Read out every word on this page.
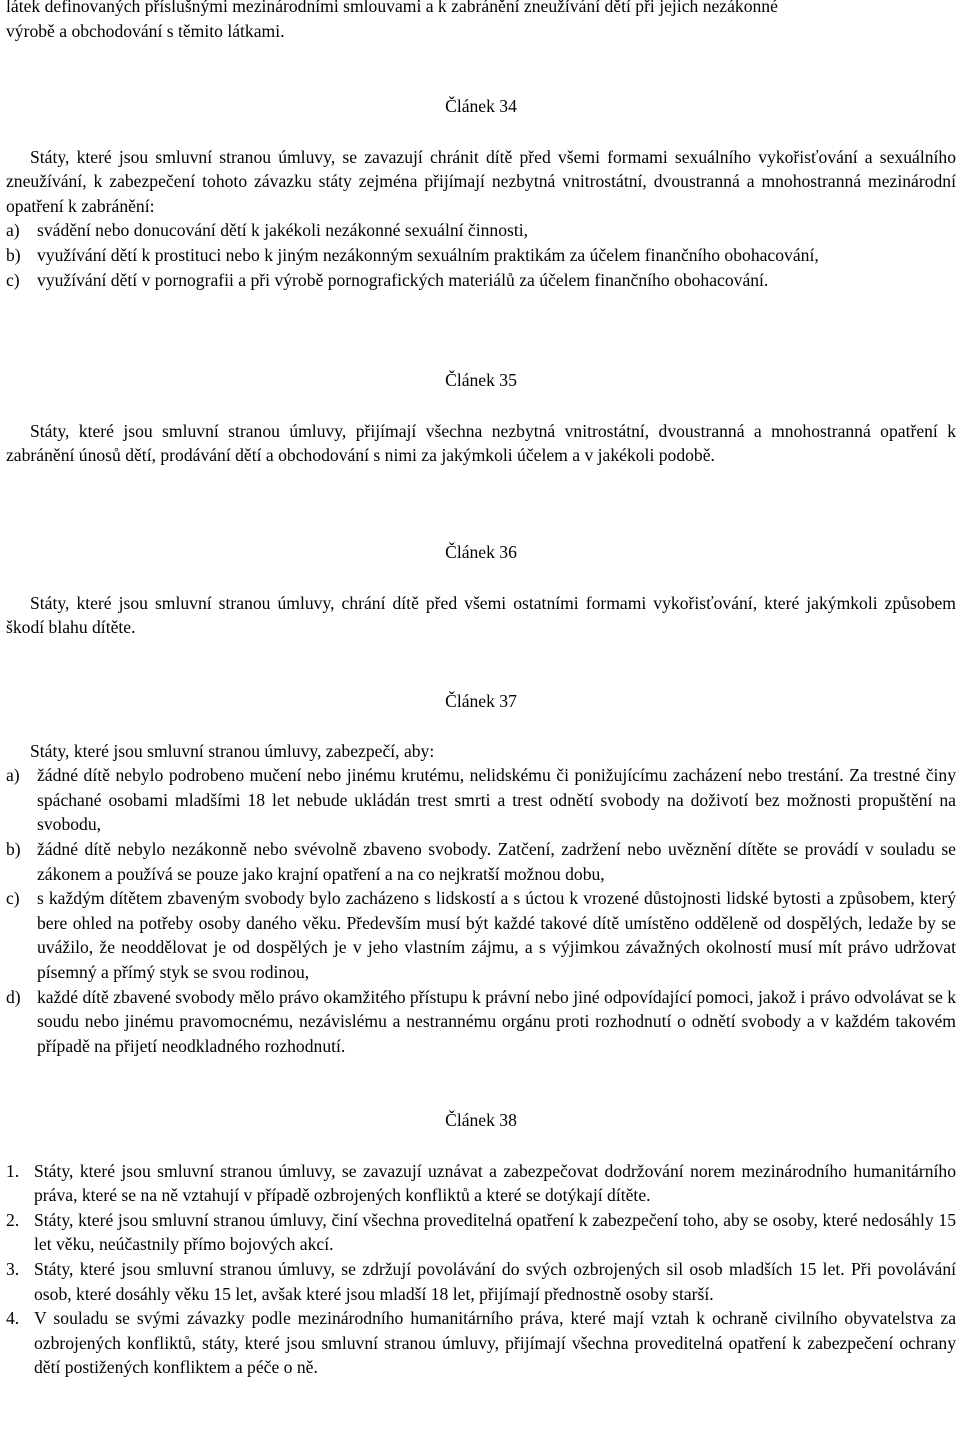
látek definovaných příslušnými mezinárodními smlouvami a k zabránění zneužívání dětí při jejich nezákonné

výrobě a obchodování s těmito látkami.

Článek 34

Státy, které jsou smluvní stranou úmluvy, se zavazují chránit dítě před všemi formami sexuálního vykořisťování a sexuálního zneužívání, k zabezpečení tohoto závazku státy zejména přijímají nezbytná vnitrostátní, dvoustranná a mnohostranná mezinárodní opatření k zabránění:

a) svádění nebo donucování dětí k jakékoli nezákonné sexuální činnosti,
b) využívání dětí k prostituci nebo k jiným nezákonným sexuálním praktikám za účelem finančního obohacování,
c) využívání dětí v pornografii a při výrobě pornografických materiálů za účelem finančního obohacování.

Článek 35

Státy, které jsou smluvní stranou úmluvy, přijímají všechna nezbytná vnitrostátní, dvoustranná a mnohostranná opatření k zabránění únosů dětí, prodávání dětí a obchodování s nimi za jakýmkoli účelem a v jakékoli podobě.

Článek 36

Státy, které jsou smluvní stranou úmluvy, chrání dítě před všemi ostatními formami vykořisťování, které jakýmkoli způsobem škodí blahu dítěte.

Článek 37

Státy, které jsou smluvní stranou úmluvy, zabezpečí, aby:

a) žádné dítě nebylo podrobeno mučení nebo jinému krutému, nelidskému či ponižujícímu zacházení nebo trestání. Za trestné činy spáchané osobami mladšími 18 let nebude ukládán trest smrti a trest odnětí svobody na doživotí bez možnosti propuštění na svobodu,
b) žádné dítě nebylo nezákonně nebo svévolně zbaveno svobody. Zatčení, zadržení nebo uvěznění dítěte se provádí v souladu se zákonem a používá se pouze jako krajní opatření a na co nejkratší možnou dobu,
c) s každým dítětem zbaveným svobody bylo zacházeno s lidskostí a s úctou k vrozené důstojnosti lidské bytosti a způsobem, který bere ohled na potřeby osoby daného věku. Především musí být každé takové dítě umístěno odděleně od dospělých, ledaže by se uvážilo, že neoddělovat je od dospělých je v jeho vlastním zájmu, a s výjimkou závažných okolností musí mít právo udržovat písemný a přímý styk se svou rodinou,
d) každé dítě zbavené svobody mělo právo okamžitého přístupu k právní nebo jiné odpovídající pomoci, jakož i právo odvolávat se k soudu nebo jinému pravomocnému, nezávislému a nestrannému orgánu proti rozhodnutí o odnětí svobody a v každém takovém případě na přijetí neodkladného rozhodnutí.

Článek 38

1. Státy, které jsou smluvní stranou úmluvy, se zavazují uznávat a zabezpečovat dodržování norem mezinárodního humanitárního práva, které se na ně vztahují v případě ozbrojených konfliktů a které se dotýkají dítěte.
2. Státy, které jsou smluvní stranou úmluvy, činí všechna proveditelná opatření k zabezpečení toho, aby se osoby, které nedosáhly 15 let věku, neúčastnily přímo bojových akcí.
3. Státy, které jsou smluvní stranou úmluvy, se zdržují povolávání do svých ozbrojených sil osob mladších 15 let. Při povolávání osob, které dosáhly věku 15 let, avšak které jsou mladší 18 let, přijímají přednostně osoby starší.
4. V souladu se svými závazky podle mezinárodního humanitárního práva, které mají vztah k ochraně civilního obyvatelstva za ozbrojených konfliktů, státy, které jsou smluvní stranou úmluvy, přijímají všechna proveditelná opatření k zabezpečení ochrany dětí postižených konfliktem a péče o ně.
